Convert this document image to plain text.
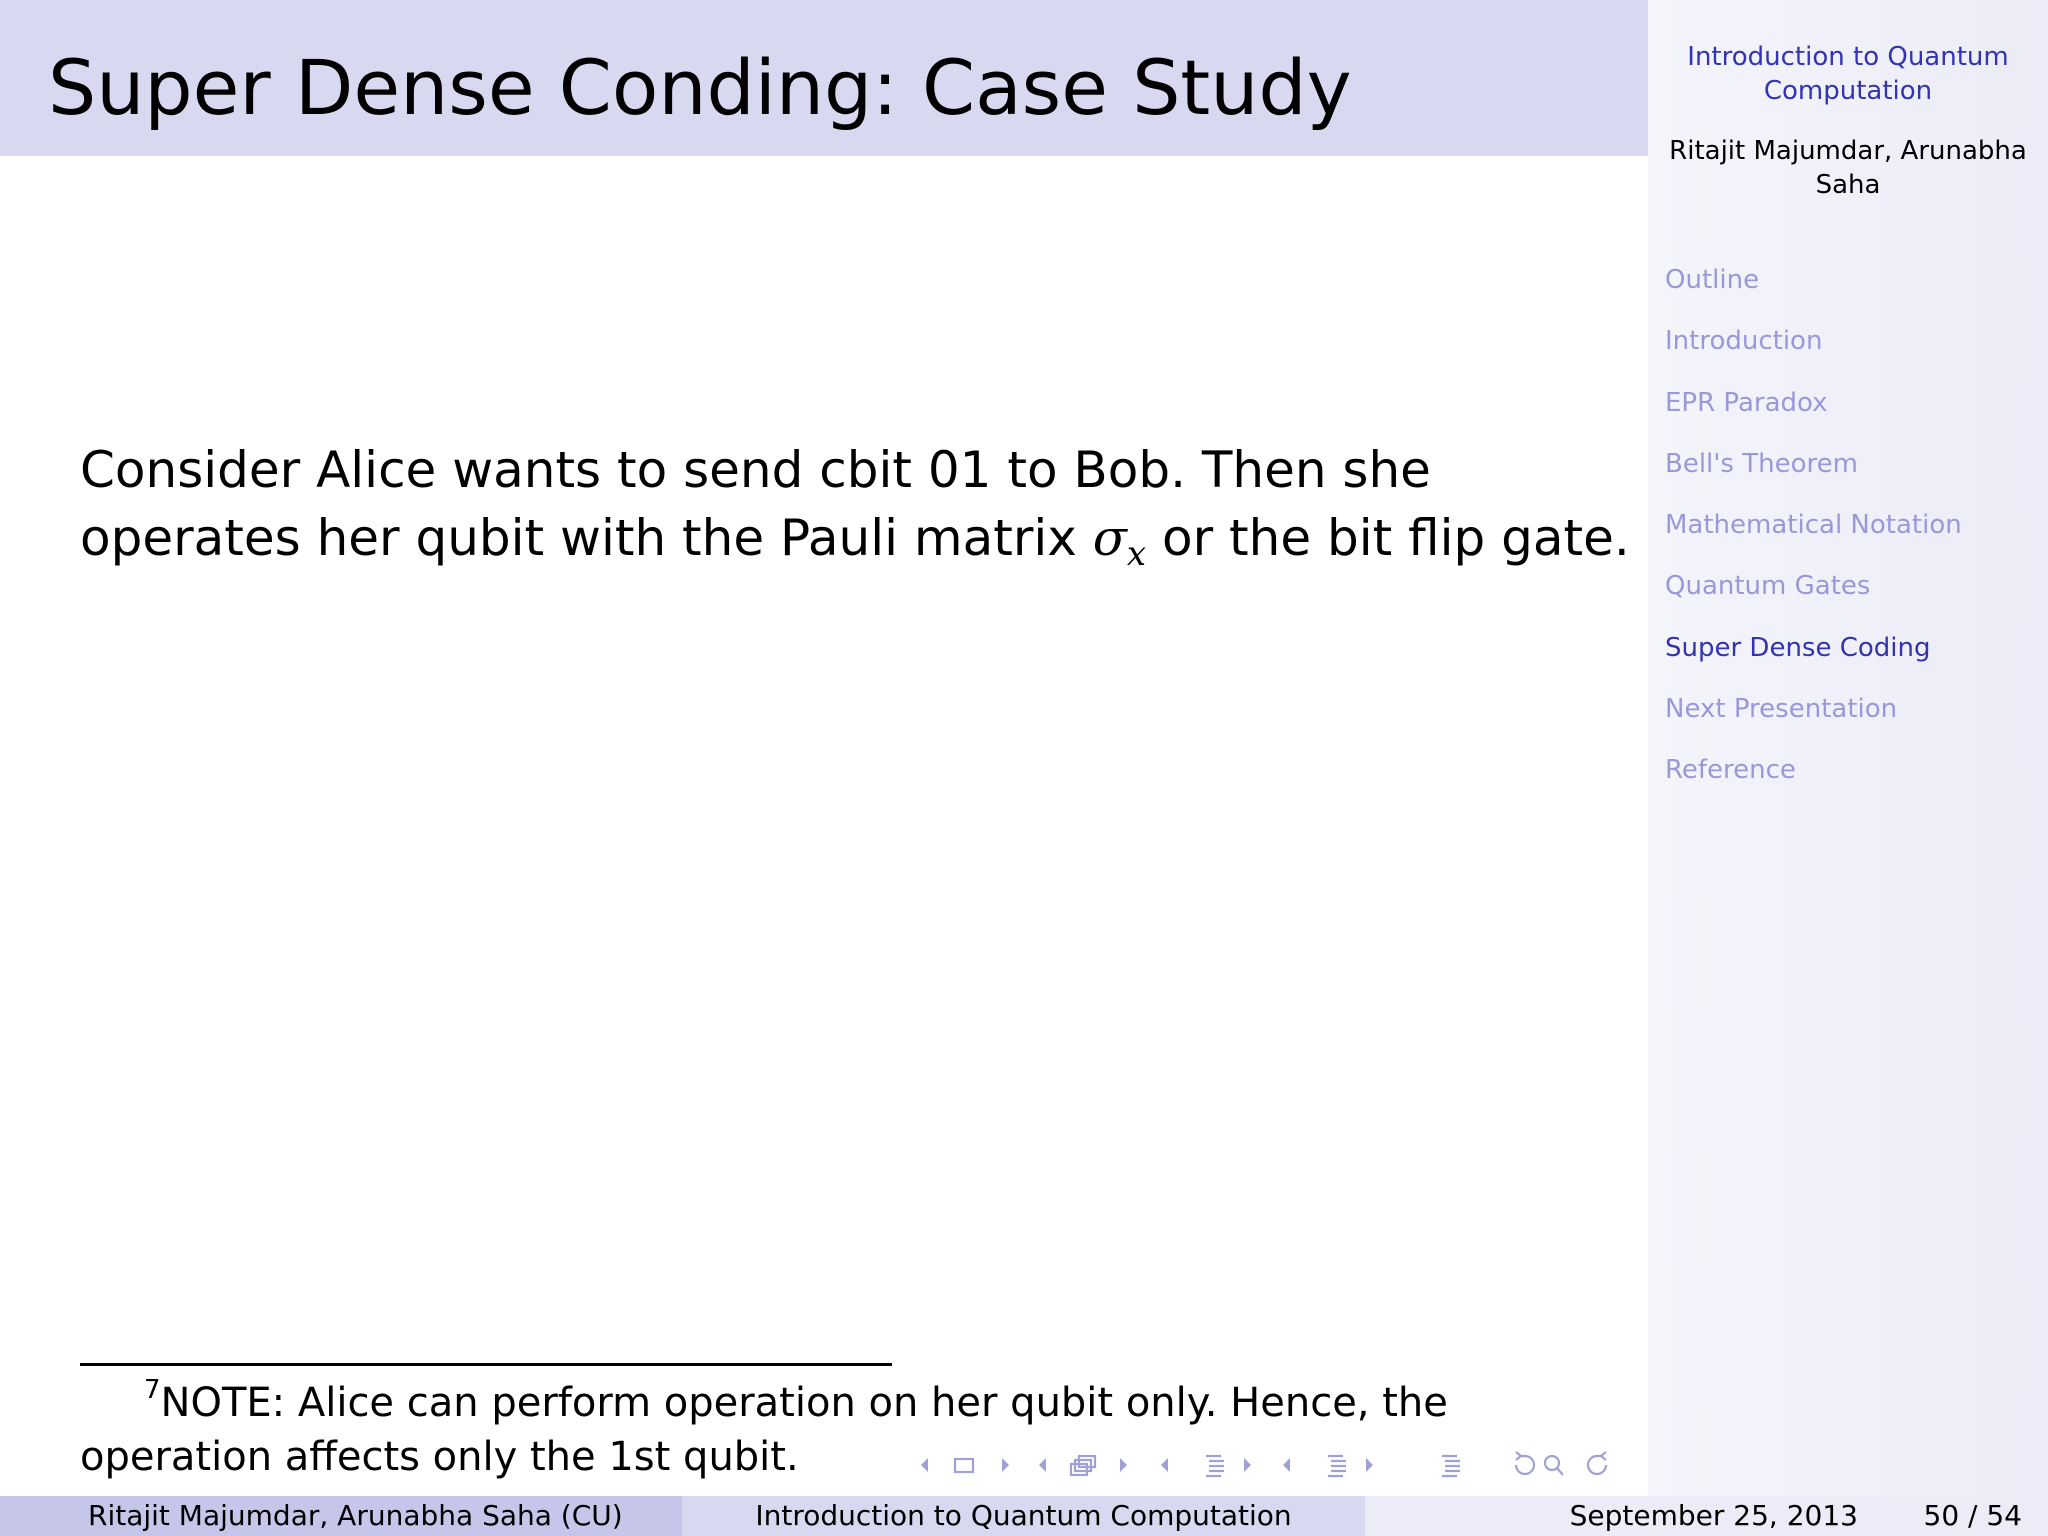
Super Dense Conding: Case Study	Introduction to Quantum Computation
Ritajit Majumdar, Arunabha Saha
Outline
Introduction
EPR Paradox
Bell's Theorem
Mathematical Notation
Quantum Gates
Super Dense Coding
Next Presentation
Reference
Consider Alice wants to send cbit 01 to Bob. Then she operates her qubit with the Pauli matrix $\sigma_x$ or the bit flip gate.
$^7$NOTE: Alice can perform operation on her qubit only. Hence, the operation affects only the 1st qubit.
Ritajit Majumdar, Arunabha Saha (CU)	Introduction to Quantum Computation	September 25, 2013 50 / 54
